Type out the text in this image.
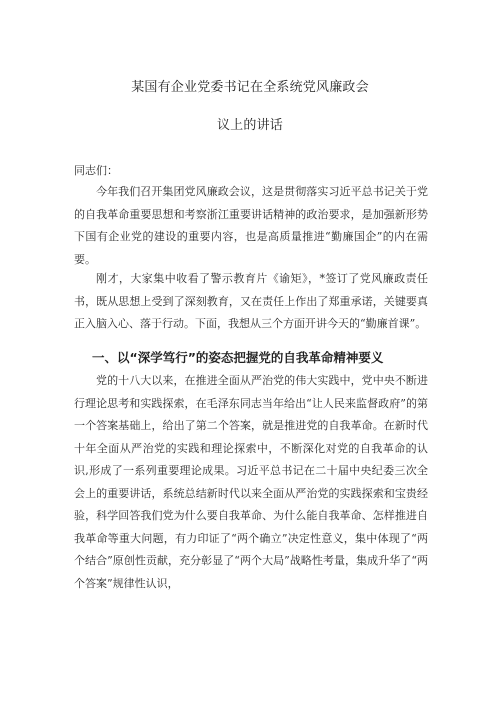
某国有企业党委书记在全系统党风廉政会
议上的讲话
同志们：

今年我们召开集团党风廉政会议，这是贯彻落实习近平总书记关于党的自我革命重要思想和考察浙江重要讲话精神的政治要求，是加强新形势下国有企业党的建设的重要内容，也是高质量推进“勤廉国企”的内在需要。

刚才，大家集中收看了警示教育片《谕矩》，*签订了党风廉政责任书，既从思想上受到了深刻教育，又在责任上作出了郑重承诺，关键要真正入脑入心、落于行动。下面，我想从三个方面开讲今天的“勤廉首课”。

一、以“深学笃行”的姿态把握党的自我革命精神要义

党的十八大以来，在推进全面从严治党的伟大实践中，党中央不断进行理论思考和实践探索，在毛泽东同志当年给出“让人民来监督政府”的第一个答案基础上，给出了第二个答案，就是推进党的自我革命。在新时代十年全面从严治党的实践和理论探索中，不断深化对党的自我革命的认识,形成了一系列重要理论成果。习近平总书记在二十届中央纪委三次全会上的重要讲话，系统总结新时代以来全面从严治党的实践探索和宝贵经验，科学回答我们党为什么要自我革命、为什么能自我革命、怎样推进自我革命等重大问题，有力印证了“两个确立”决定性意义，集中体现了“两个结合”原创性贡献，充分彰显了“两个大局”战略性考量，集成升华了“两个答案”规律性认识，
